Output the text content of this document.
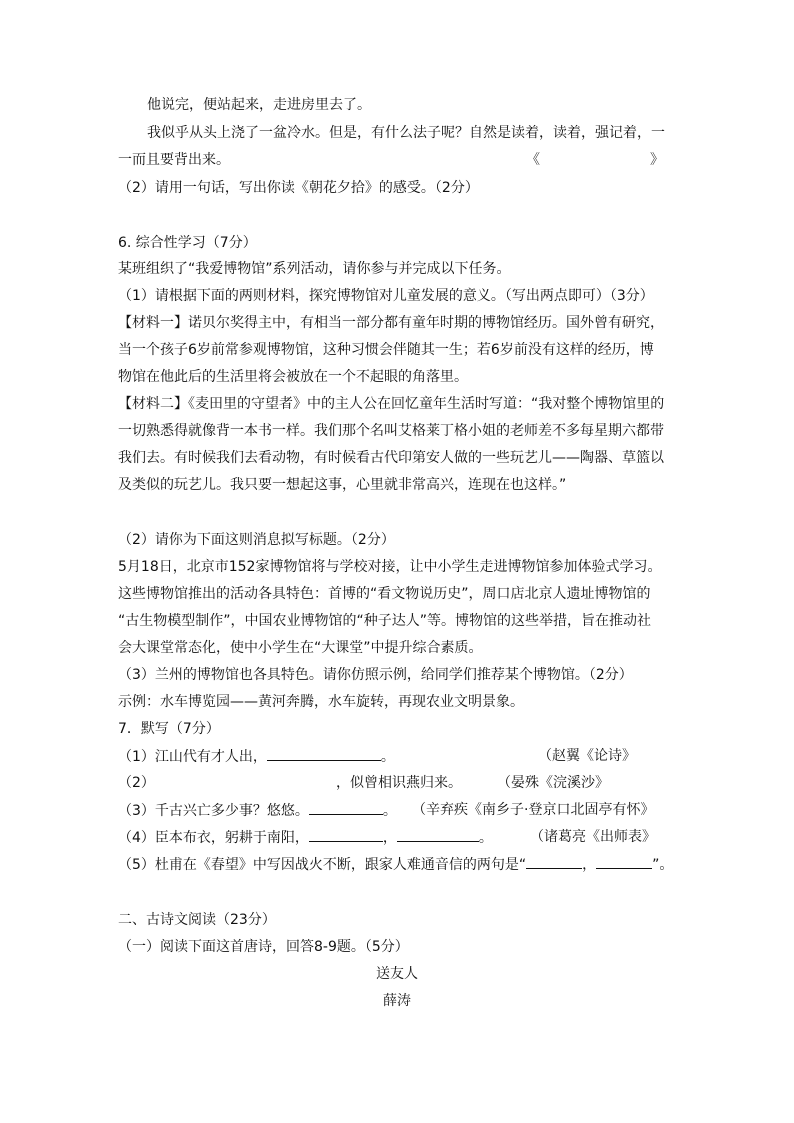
他说完，便站起来，走进房里去了。
我似乎从头上浇了一盆冷水。但是，有什么法子呢？自然是读着，读着，强记着，一
一而且要背出来。	《	》
（2）请用一句话，写出你读《朝花夕拾》的感受。（2分）
6. 综合性学习（7分）
某班组织了“我爱博物馆”系列活动，请你参与并完成以下任务。
（1）请根据下面的两则材料，探究博物馆对儿童发展的意义。（写出两点即可）（3分）
【材料一】诺贝尔奖得主中，有相当一部分都有童年时期的博物馆经历。国外曾有研究，
当一个孩子6岁前常参观博物馆，这种习惯会伴随其一生；若6岁前没有这样的经历，博
物馆在他此后的生活里将会被放在一个不起眼的角落里。
【材料二】《麦田里的守望者》中的主人公在回忆童年生活时写道：“我对整个博物馆里的
一切熟悉得就像背一本书一样。我们那个名叫艾格莱丁格小姐的老师差不多每星期六都带
我们去。有时候我们去看动物，有时候看古代印第安人做的一些玩艺儿——陶器、草篮以
及类似的玩艺儿。我只要一想起这事，心里就非常高兴，连现在也这样。”
（2）请你为下面这则消息拟写标题。（2分）
5月18日，北京市152家博物馆将与学校对接，让中小学生走进博物馆参加体验式学习。
这些博物馆推出的活动各具特色：首博的“看文物说历史”，周口店北京人遗址博物馆的
“古生物模型制作”，中国农业博物馆的“种子达人”等。博物馆的这些举措，旨在推动社
会大课堂常态化，使中小学生在“大课堂”中提升综合素质。
（3）兰州的博物馆也各具特色。请你仿照示例，给同学们推荐某个博物馆。（2分）
示例：水车博览园——黄河奔腾，水车旋转，再现农业文明景象。
7．默写（7分）
（1）江山代有才人出，	。	（赵翼《论诗》
（2）	，似曾相识燕归来。	（晏殊《浣溪沙》
（3）千古兴亡多少事？悠悠。	。 （辛弃疾《南乡子·登京口北固亭有怀》
（4）臣本布衣，躬耕于南阳，	，	。	（诸葛亮《出师表》
（5）杜甫在《春望》中写因战火不断，跟家人难通音信的两句是“	，	”。
二、古诗文阅读（23分）
（一）阅读下面这首唐诗，回答8-9题。（5分）
送友人
薛涛
